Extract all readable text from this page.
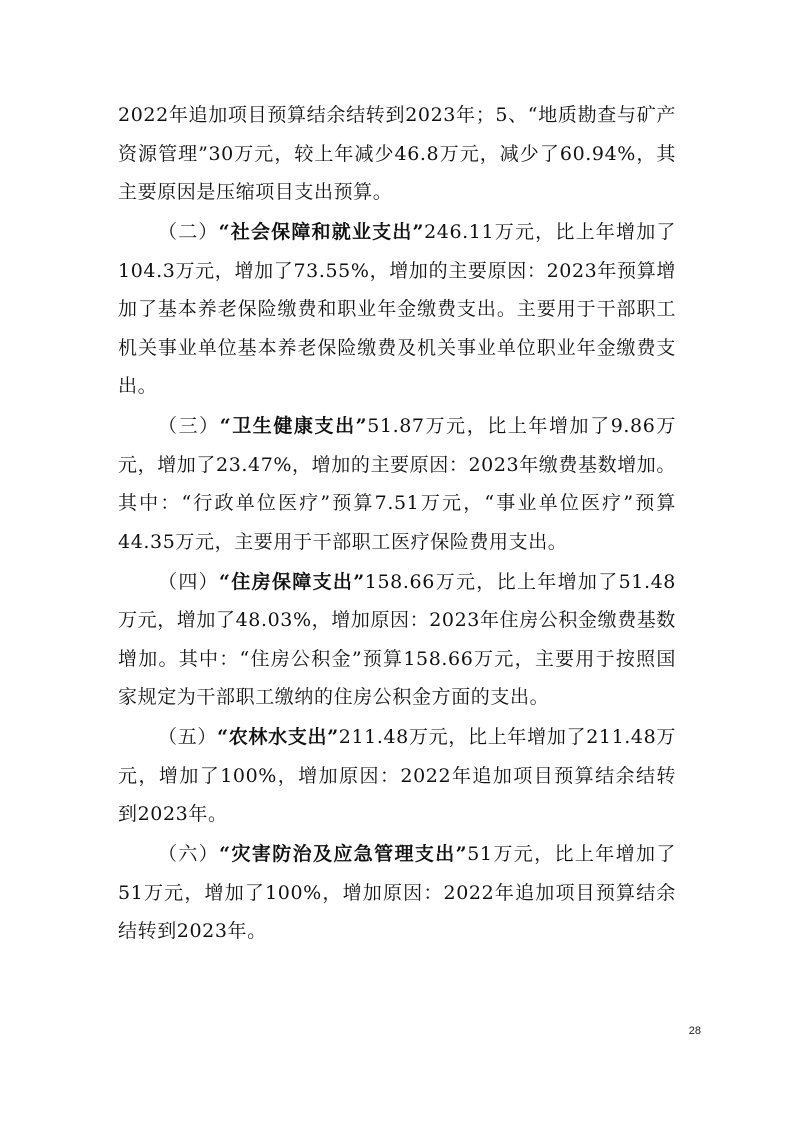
2022年追加项目预算结余结转到2023年；5、“地质勘查与矿产资源管理”30万元，较上年减少46.8万元，减少了60.94%，其主要原因是压缩项目支出预算。

（二）“社会保障和就业支出”246.11万元，比上年增加了104.3万元，增加了73.55%，增加的主要原因：2023年预算增加了基本养老保险缴费和职业年金缴费支出。主要用于干部职工机关事业单位基本养老保险缴费及机关事业单位职业年金缴费支出。

（三）“卫生健康支出”51.87万元，比上年增加了9.86万元，增加了23.47%，增加的主要原因：2023年缴费基数增加。其中：“行政单位医疗”预算7.51万元，“事业单位医疗”预算44.35万元，主要用于干部职工医疗保险费用支出。

（四）“住房保障支出”158.66万元，比上年增加了51.48万元，增加了48.03%，增加原因：2023年住房公积金缴费基数增加。其中：“住房公积金”预算158.66万元，主要用于按照国家规定为干部职工缴纳的住房公积金方面的支出。

（五）“农林水支出”211.48万元，比上年增加了211.48万元，增加了100%，增加原因：2022年追加项目预算结余结转到2023年。

（六）“灾害防治及应急管理支出”51万元，比上年增加了51万元，增加了100%，增加原因：2022年追加项目预算结余结转到2023年。

28
